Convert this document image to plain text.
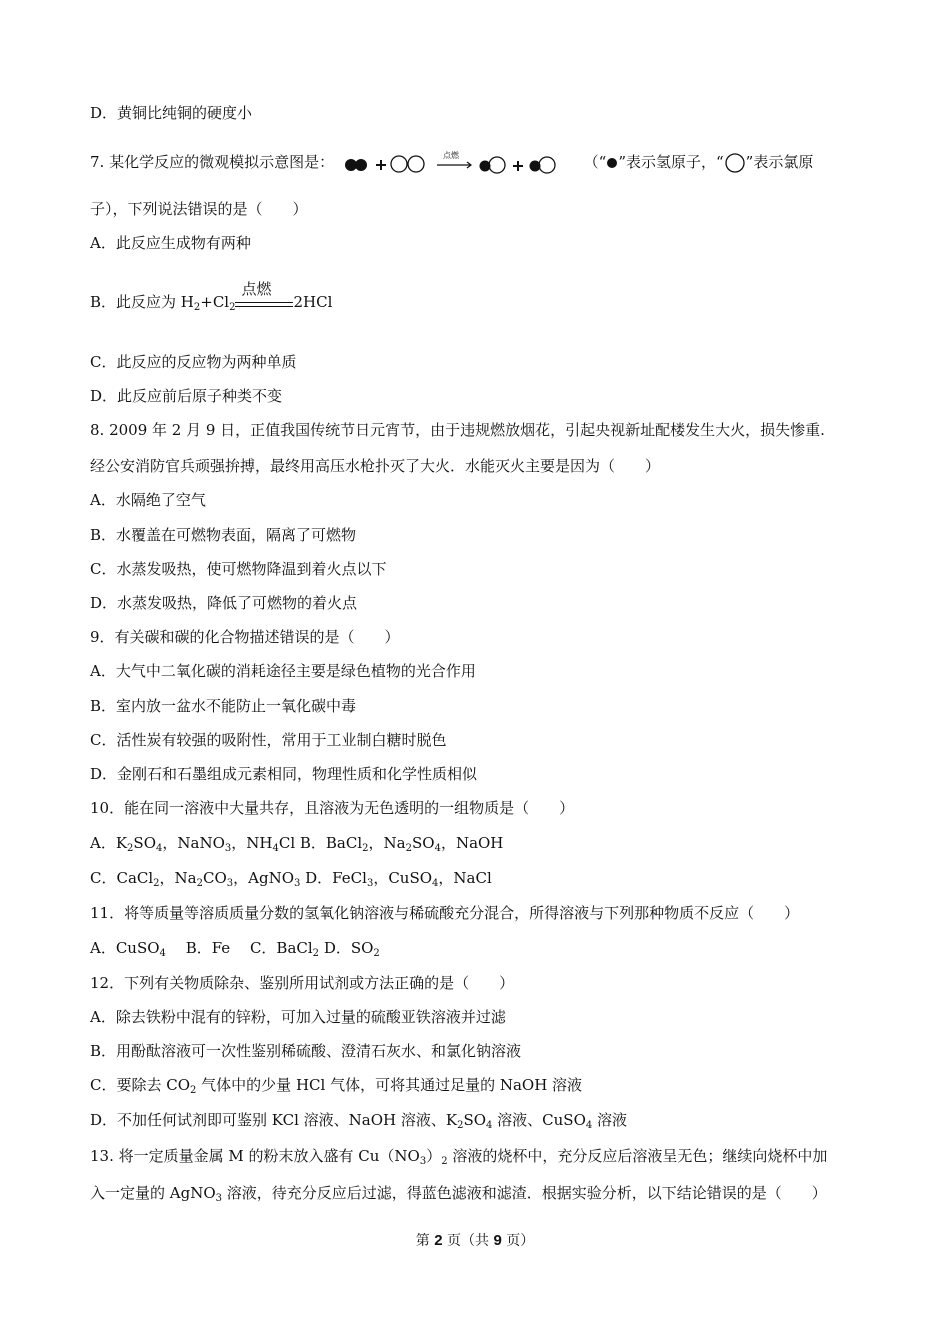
D．黄铜比纯铜的硬度小
7. 某化学反应的微观模拟示意图是：	点燃	（“ ”表示氢原子，“ ”表示氯原
子），下列说法错误的是（　　）
A．此反应生成物有两种
B．此反应为 $H_2+Cl_2$
点燃
2HCl
C．此反应的反应物为两种单质
D．此反应前后原子种类不变
8. 2009 年 2 月 9 日，正值我国传统节日元宵节，由于违规燃放烟花，引起央视新址配楼发生大火，损失惨重.
经公安消防官兵顽强拚搏，最终用高压水枪扑灭了大火．水能灭火主要是因为（　　）
A．水隔绝了空气
B．水覆盖在可燃物表面，隔离了可燃物
C．水蒸发吸热，使可燃物降温到着火点以下
D．水蒸发吸热，降低了可燃物的着火点
9．有关碳和碳的化合物描述错误的是（　　）
A．大气中二氧化碳的消耗途径主要是绿色植物的光合作用
B．室内放一盆水不能防止一氧化碳中毒
C．活性炭有较强的吸附性，常用于工业制白糖时脱色
D．金刚石和石墨组成元素相同，物理性质和化学性质相似
10．能在同一溶液中大量共存，且溶液为无色透明的一组物质是（　　）
A．$K_2SO_4$，NaNO$_3$，$NH_4Cl$ B．BaCl$_2$，$Na_2SO_4$，NaOH
C．CaCl$_2$，$Na_2CO_3$，AgNO$_3$ D．FeCl$_3$，CuSO$_4$，NaCl
11．将等质量等溶质质量分数的氢氧化钠溶液与稀硫酸充分混合，所得溶液与下列那种物质不反应（　　）
A．CuSO$_4$　 B．Fe　 C．BaCl$_2$ D．$SO_2$
12．下列有关物质除杂、鉴别所用试剂或方法正确的是（　　）
A．除去铁粉中混有的锌粉，可加入过量的硫酸亚铁溶液并过滤
B．用酚酞溶液可一次性鉴别稀硫酸、澄清石灰水、和氯化钠溶液
C．要除去 $CO_2$ 气体中的少量 HCl 气体，可将其通过足量的 NaOH 溶液
D．不加任何试剂即可鉴别 KCl 溶液、NaOH 溶液、$K_2SO_4$ 溶液、CuSO$_4$ 溶液
13. 将一定质量金属 M 的粉末放入盛有 $Cu(NO_3)_2$ 溶液的烧杯中，充分反应后溶液呈无色；继续向烧杯中加
入一定量的 AgNO$_3$ 溶液，待充分反应后过滤，得蓝色滤液和滤渣．根据实验分析，以下结论错误的是（　　）
第 2 页（共 9 页）
